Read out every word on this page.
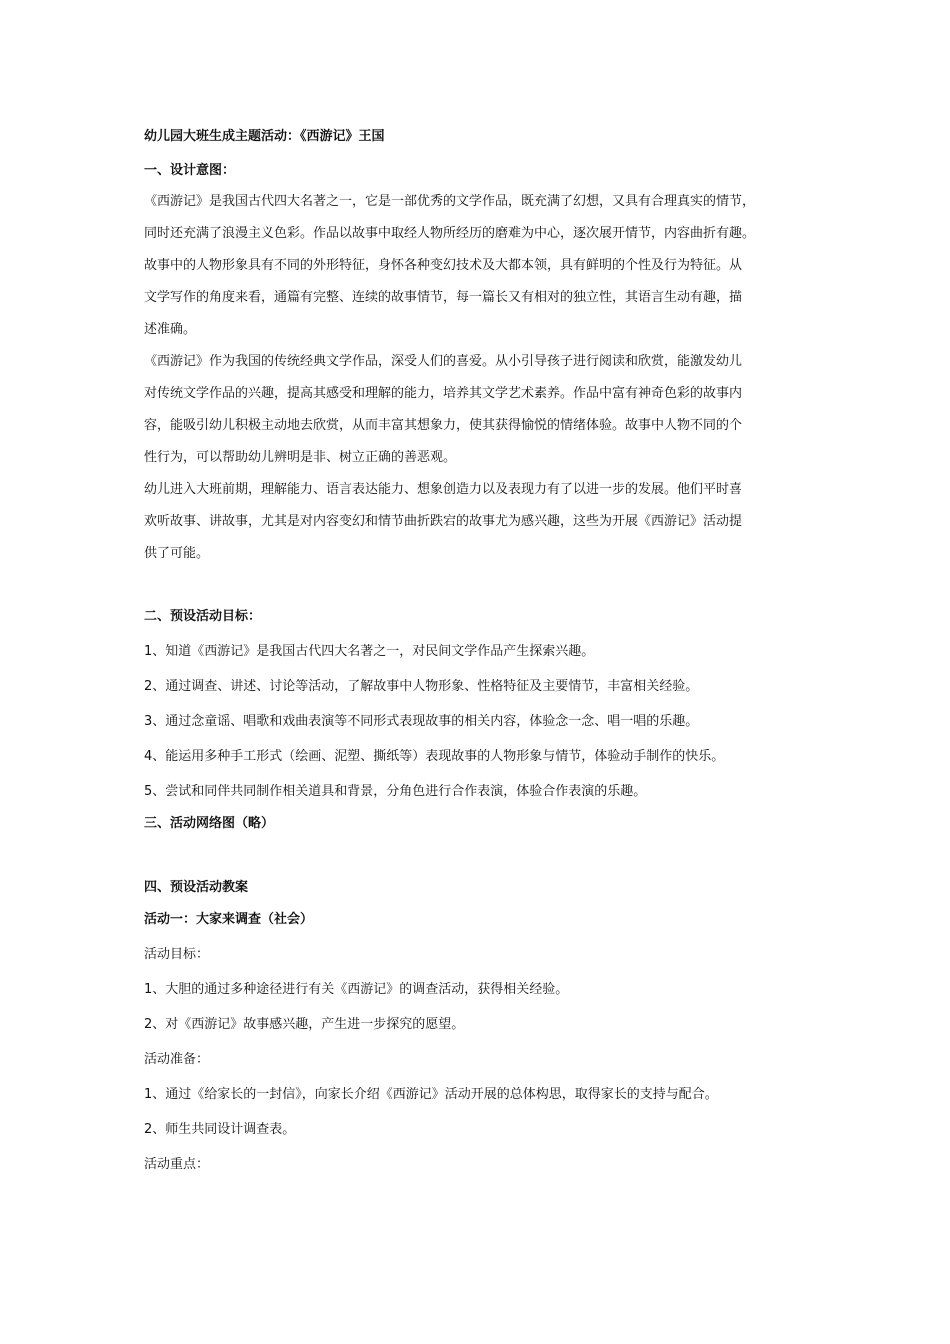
幼儿园大班生成主题活动：《西游记》王国

一、设计意图：

《西游记》是我国古代四大名著之一，它是一部优秀的文学作品，既充满了幻想，又具有合理真实的情节，

同时还充满了浪漫主义色彩。作品以故事中取经人物所经历的磨难为中心，逐次展开情节，内容曲折有趣。

故事中的人物形象具有不同的外形特征，身怀各种变幻技术及大都本领，具有鲜明的个性及行为特征。从

文学写作的角度来看，通篇有完整、连续的故事情节，每一篇长又有相对的独立性，其语言生动有趣，描

述准确。

《西游记》作为我国的传统经典文学作品，深受人们的喜爱。从小引导孩子进行阅读和欣赏，能激发幼儿

对传统文学作品的兴趣，提高其感受和理解的能力，培养其文学艺术素养。作品中富有神奇色彩的故事内

容，能吸引幼儿积极主动地去欣赏，从而丰富其想象力，使其获得愉悦的情绪体验。故事中人物不同的个

性行为，可以帮助幼儿辨明是非、树立正确的善恶观。

幼儿进入大班前期，理解能力、语言表达能力、想象创造力以及表现力有了以进一步的发展。他们平时喜

欢听故事、讲故事，尤其是对内容变幻和情节曲折跌宕的故事尤为感兴趣，这些为开展《西游记》活动提

供了可能。

二、预设活动目标：

1、知道《西游记》是我国古代四大名著之一，对民间文学作品产生探索兴趣。

2、通过调查、讲述、讨论等活动，了解故事中人物形象、性格特征及主要情节，丰富相关经验。

3、通过念童谣、唱歌和戏曲表演等不同形式表现故事的相关内容，体验念一念、唱一唱的乐趣。

4、能运用多种手工形式（绘画、泥塑、撕纸等）表现故事的人物形象与情节，体验动手制作的快乐。

5、尝试和同伴共同制作相关道具和背景，分角色进行合作表演，体验合作表演的乐趣。

三、活动网络图（略）

四、预设活动教案

活动一：大家来调查（社会）

活动目标：

1、大胆的通过多种途径进行有关《西游记》的调查活动，获得相关经验。

2、对《西游记》故事感兴趣，产生进一步探究的愿望。

活动准备：

1、通过《给家长的一封信》，向家长介绍《西游记》活动开展的总体构思，取得家长的支持与配合。

2、师生共同设计调查表。

活动重点：
